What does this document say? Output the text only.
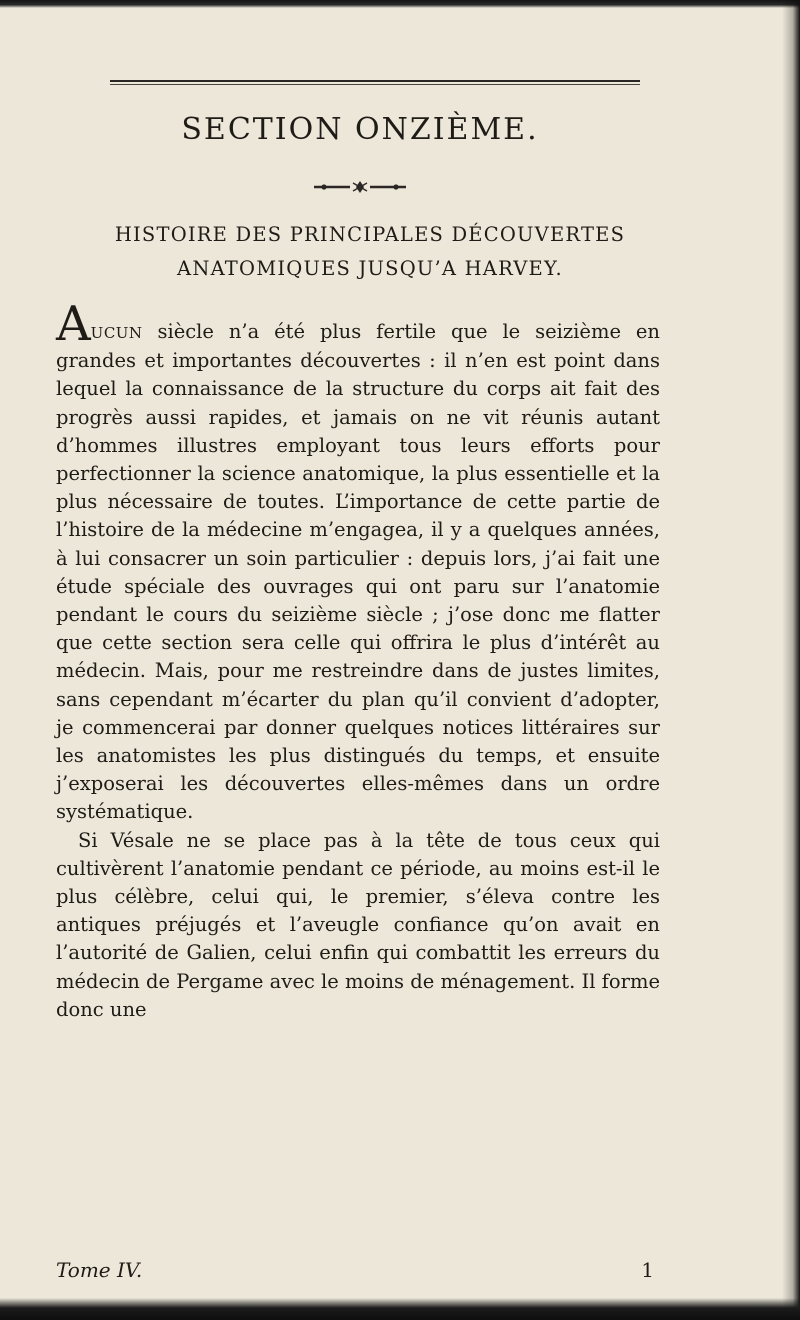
SECTION ONZIÈME.
HISTOIRE DES PRINCIPALES DÉCOUVERTES
ANATOMIQUES JUSQU’A HARVEY.

AUCUN siècle n’a été plus fertile que le seizième en grandes et importantes découvertes : il n’en est point dans lequel la connaissance de la structure du corps ait fait des progrès aussi rapides, et jamais on ne vit réunis autant d’hommes illustres employant tous leurs efforts pour perfectionner la science anatomique, la plus essentielle et la plus nécessaire de toutes. L’importance de cette partie de l’histoire de la médecine m’engagea, il y a quelques années, à lui consacrer un soin particulier : depuis lors, j’ai fait une étude spéciale des ouvrages qui ont paru sur l’anatomie pendant le cours du seizième siècle ; j’ose donc me flatter que cette section sera celle qui offrira le plus d’intérêt au médecin. Mais, pour me restreindre dans de justes limites, sans cependant m’écarter du plan qu’il convient d’adopter, je commencerai par donner quelques notices littéraires sur les anatomistes les plus distingués du temps, et ensuite j’exposerai les découvertes elles-mêmes dans un ordre systématique.

Si Vésale ne se place pas à la tête de tous ceux qui cultivèrent l’anatomie pendant ce période, au moins est-il le plus célèbre, celui qui, le premier, s’éleva contre les antiques préjugés et l’aveugle confiance qu’on avait en l’autorité de Galien, celui enfin qui combattit les erreurs du médecin de Pergame avec le moins de ménagement. Il forme donc une

Tome IV.	1
